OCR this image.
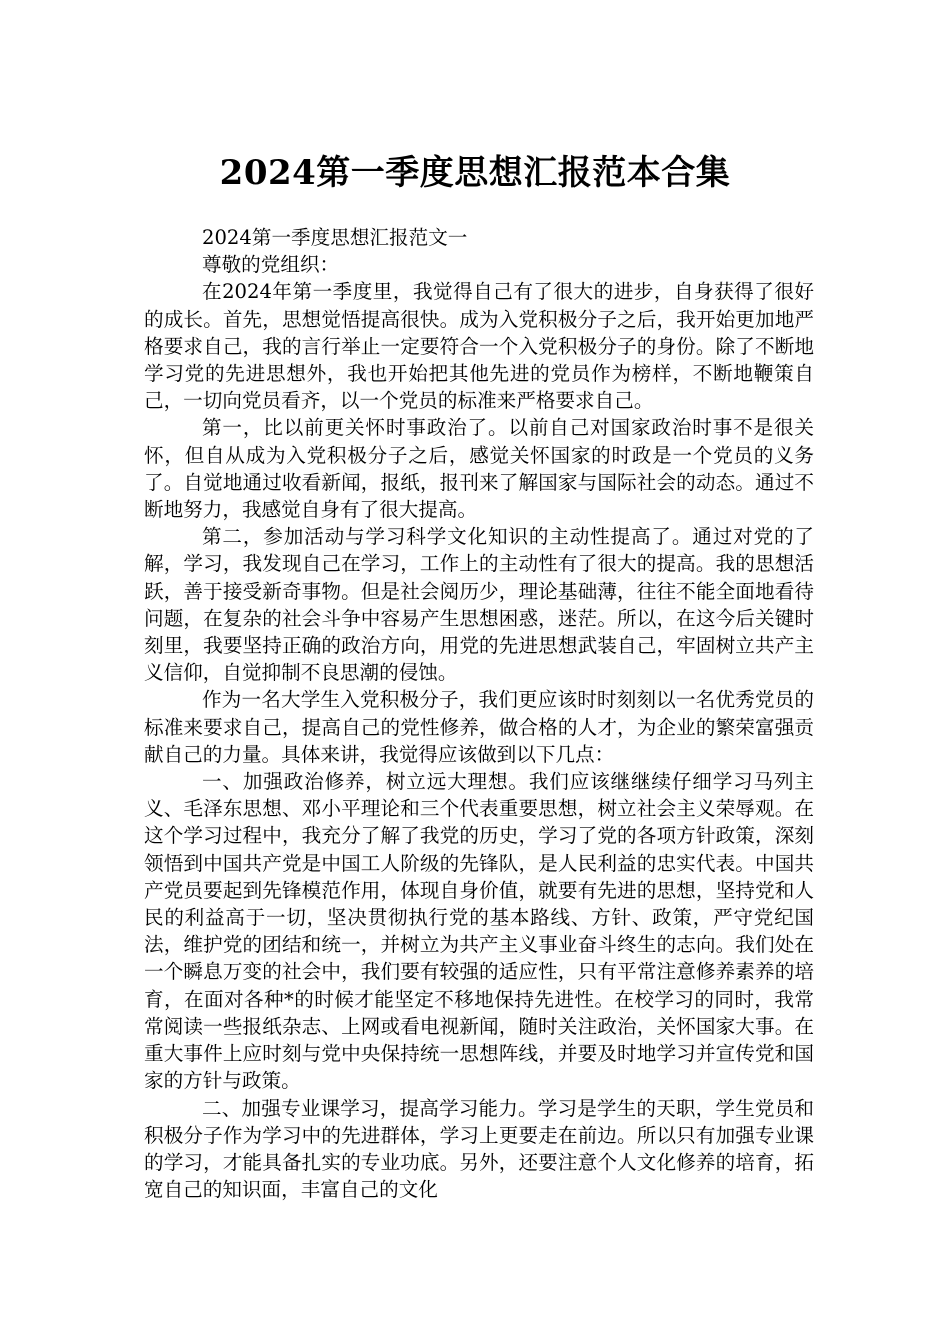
2024第一季度思想汇报范本合集

2024第一季度思想汇报范文一

尊敬的党组织：

在2024年第一季度里，我觉得自己有了很大的进步，自身获得了很好的成长。首先，思想觉悟提高很快。成为入党积极分子之后，我开始更加地严格要求自己，我的言行举止一定要符合一个入党积极分子的身份。除了不断地学习党的先进思想外，我也开始把其他先进的党员作为榜样，不断地鞭策自己，一切向党员看齐，以一个党员的标准来严格要求自己。

第一，比以前更关怀时事政治了。以前自己对国家政治时事不是很关怀，但自从成为入党积极分子之后，感觉关怀国家的时政是一个党员的义务了。自觉地通过收看新闻，报纸，报刊来了解国家与国际社会的动态。通过不断地努力，我感觉自身有了很大提高。

第二，参加活动与学习科学文化知识的主动性提高了。通过对党的了解，学习，我发现自己在学习，工作上的主动性有了很大的提高。我的思想活跃，善于接受新奇事物。但是社会阅历少，理论基础薄，往往不能全面地看待问题，在复杂的社会斗争中容易产生思想困惑，迷茫。所以，在这今后关键时刻里，我要坚持正确的政治方向，用党的先进思想武装自己，牢固树立共产主义信仰，自觉抑制不良思潮的侵蚀。

作为一名大学生入党积极分子，我们更应该时时刻刻以一名优秀党员的标准来要求自己，提高自己的党性修养，做合格的人才，为企业的繁荣富强贡献自己的力量。具体来讲，我觉得应该做到以下几点：

一、加强政治修养，树立远大理想。我们应该继继续仔细学习马列主义、毛泽东思想、邓小平理论和三个代表重要思想，树立社会主义荣辱观。在这个学习过程中，我充分了解了我党的历史，学习了党的各项方针政策，深刻领悟到中国共产党是中国工人阶级的先锋队，是人民利益的忠实代表。中国共产党员要起到先锋模范作用，体现自身价值，就要有先进的思想，坚持党和人民的利益高于一切，坚决贯彻执行党的基本路线、方针、政策，严守党纪国法，维护党的团结和统一，并树立为共产主义事业奋斗终生的志向。我们处在一个瞬息万变的社会中，我们要有较强的适应性，只有平常注意修养素养的培育，在面对各种*的时候才能坚定不移地保持先进性。在校学习的同时，我常常阅读一些报纸杂志、上网或看电视新闻，随时关注政治，关怀国家大事。在重大事件上应时刻与党中央保持统一思想阵线，并要及时地学习并宣传党和国家的方针与政策。

二、加强专业课学习，提高学习能力。学习是学生的天职，学生党员和积极分子作为学习中的先进群体，学习上更要走在前边。所以只有加强专业课的学习，才能具备扎实的专业功底。另外，还要注意个人文化修养的培育，拓宽自己的知识面，丰富自己的文化
